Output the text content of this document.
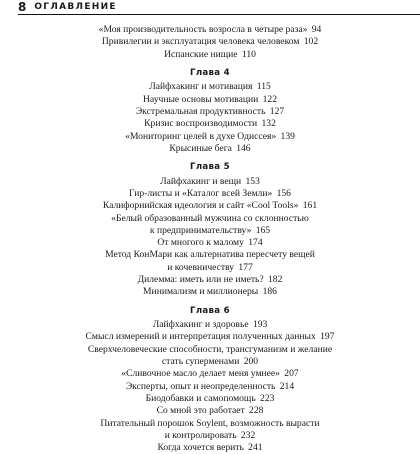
8 ОГЛАВЛЕНИЕ
«Моя производительность возросла в четыре раза» 94
Привилегии и эксплуатация человека человеком 102
Испанские нищие 110
Глава 4
Лайфхакинг и мотивация 115
Научные основы мотивации 122
Экстремальная продуктивность 127
Кризис воспроизводимости 132
«Мониторинг целей в духе Одиссея» 139
Крысиные бега 146
Глава 5
Лайфхакинг и вещи 153
Гир-листы и «Каталог всей Земли» 156
Калифорнийская идеология и сайт «Cool Tools» 161
«Белый образованный мужчина со склонностью
к предпринимательству» 165
От многого к малому 174
Метод КонМари как альтернатива пересчету вещей
и кочевничеству 177
Дилемма: иметь или не иметь? 182
Минимализм и миллионеры 186
Глава 6
Лайфхакинг и здоровье 193
Смысл измерений и интерпретация полученных данных 197
Сверхчеловеческие способности, трансгуманизм и желание
стать суперменами 200
«Сливочное масло делает меня умнее» 207
Эксперты, опыт и неопределенность 214
Биодобавки и самопомощь 223
Со мной это работает 228
Питательный порошок Soylent, возможность вырасти
и контролировать 232
Когда хочется верить 241
